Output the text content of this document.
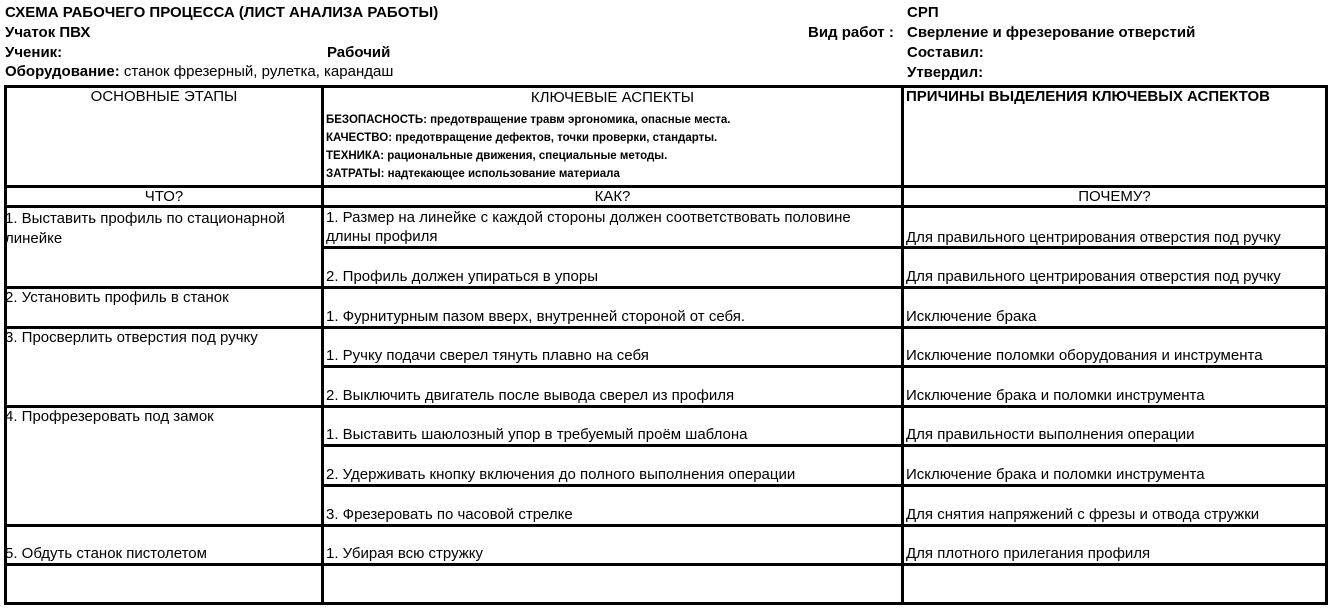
СХЕМА РАБОЧЕГО ПРОЦЕССА (ЛИСТ АНАЛИЗА РАБОТЫ)
Учаток ПВХ
Ученик:	Рабочий
Оборудование: станок фрезерный, рулетка, карандаш
СРП
Вид работ : Сверление и фрезерование отверстий
Составил:
Утвердил:
ОСНОВНЫЕ ЭТАПЫ	КЛЮЧЕВЫЕ АСПЕКТЫ	ПРИЧИНЫ ВЫДЕЛЕНИЯ КЛЮЧЕВЫХ АСПЕКТОВ
БЕЗОПАСНОСТЬ: предотвращение травм эргономика, опасные места.
КАЧЕСТВО: предотвращение дефектов, точки проверки, стандарты.
ТЕХНИКА: рациональные движения, специальные методы.
ЗАТРАТЫ: надтекающее использование материала
ЧТО?	КАК?	ПОЧЕМУ?
1. Выставить профиль по стационарной
линейке
1. Размер на линейке с каждой стороны должен соответствовать половине
длины профиля	Для правильного центрирования отверстия под ручку
2. Профиль должен упираться в упоры	Для правильного центрирования отверстия под ручку
2. Установить профиль в станок
1. Фурнитурным пазом вверх, внутренней стороной от себя.	Исключение брака
3. Просверлить отверстия под ручку
1. Ручку подачи сверел тянуть плавно на себя	Исключение поломки оборудования и инструмента
2. Выключить двигатель после вывода сверел из профиля	Исключение брака и поломки инструмента
4. Профрезеровать под замок
1. Выставить шаюлозный упор в требуемый проём шаблона	Для правильности выполнения операции
2. Удерживать кнопку включения до полного выполнения операции	Исключение брака и поломки инструмента
3. Фрезеровать по часовой стрелке	Для снятия напряжений с фрезы и отвода стружки
5. Обдуть станок пистолетом	1. Убирая всю стружку	Для плотного прилегания профиля
